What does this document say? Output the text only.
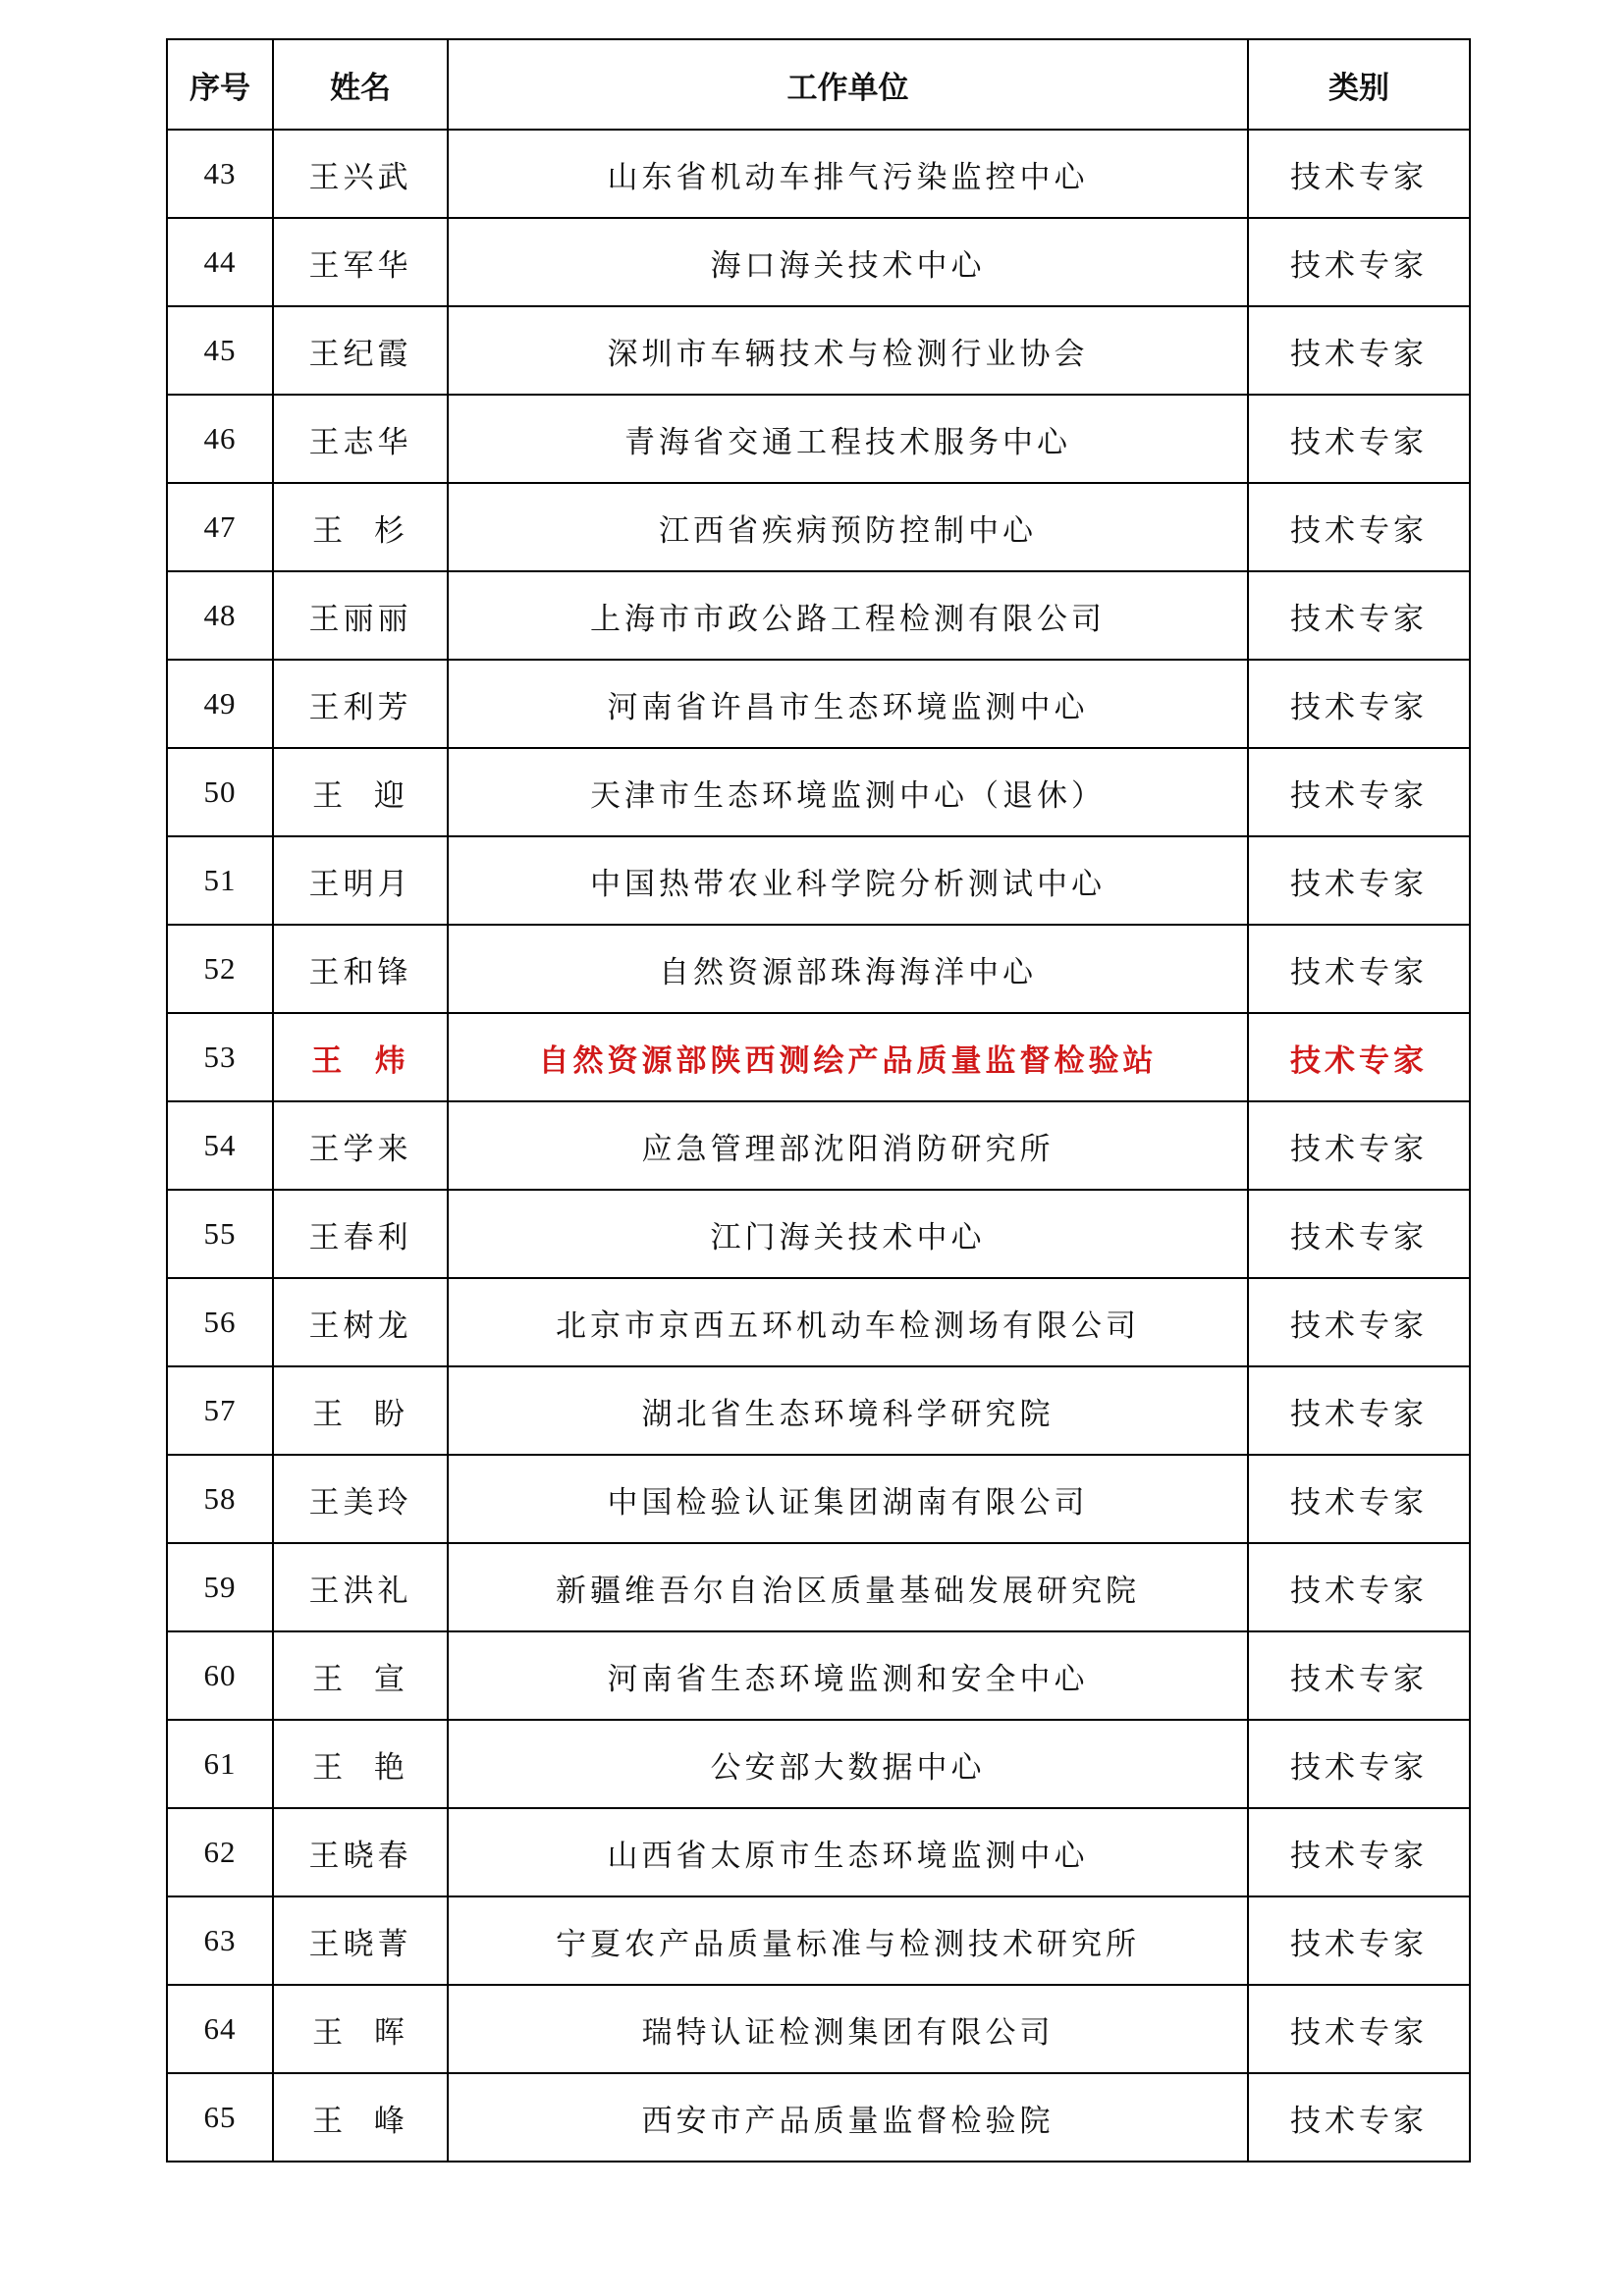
序号	姓名	工作单位	类别
43	王兴武	山东省机动车排气污染监控中心	技术专家
44	王军华	海口海关技术中心	技术专家
45	王纪霞	深圳市车辆技术与检测行业协会	技术专家
46	王志华	青海省交通工程技术服务中心	技术专家
47	王  杉	江西省疾病预防控制中心	技术专家
48	王丽丽	上海市市政公路工程检测有限公司	技术专家
49	王利芳	河南省许昌市生态环境监测中心	技术专家
50	王  迎	天津市生态环境监测中心（退休）	技术专家
51	王明月	中国热带农业科学院分析测试中心	技术专家
52	王和锋	自然资源部珠海海洋中心	技术专家
53	王  炜	自然资源部陕西测绘产品质量监督检验站	技术专家
54	王学来	应急管理部沈阳消防研究所	技术专家
55	王春利	江门海关技术中心	技术专家
56	王树龙	北京市京西五环机动车检测场有限公司	技术专家
57	王  盼	湖北省生态环境科学研究院	技术专家
58	王美玲	中国检验认证集团湖南有限公司	技术专家
59	王洪礼	新疆维吾尔自治区质量基础发展研究院	技术专家
60	王  宣	河南省生态环境监测和安全中心	技术专家
61	王  艳	公安部大数据中心	技术专家
62	王晓春	山西省太原市生态环境监测中心	技术专家
63	王晓菁	宁夏农产品质量标准与检测技术研究所	技术专家
64	王  晖	瑞特认证检测集团有限公司	技术专家
65	王  峰	西安市产品质量监督检验院	技术专家
